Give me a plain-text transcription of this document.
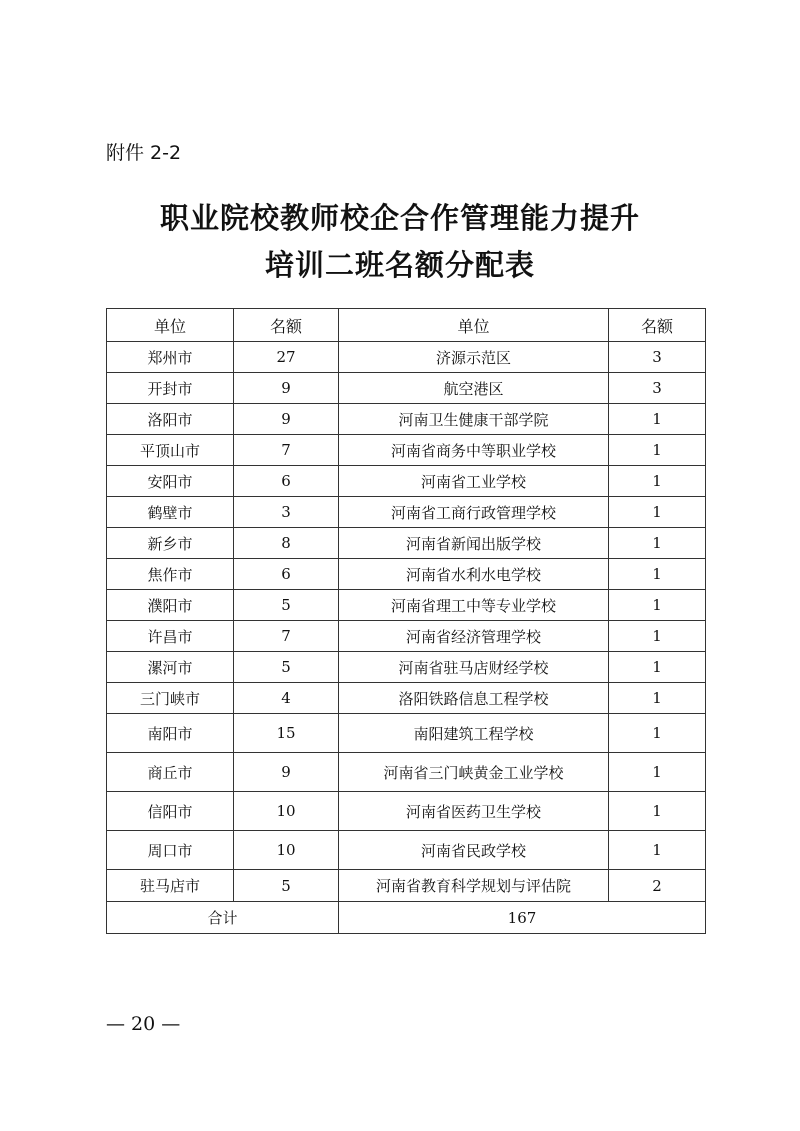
附件 2-2
职业院校教师校企合作管理能力提升
培训二班名额分配表
单位	名额	单位	名额
郑州市	27	济源示范区	3
开封市	9	航空港区	3
洛阳市	9	河南卫生健康干部学院	1
平顶山市	7	河南省商务中等职业学校	1
安阳市	6	河南省工业学校	1
鹤壁市	3	河南省工商行政管理学校	1
新乡市	8	河南省新闻出版学校	1
焦作市	6	河南省水利水电学校	1
濮阳市	5	河南省理工中等专业学校	1
许昌市	7	河南省经济管理学校	1
漯河市	5	河南省驻马店财经学校	1
三门峡市	4	洛阳铁路信息工程学校	1
南阳市	15	南阳建筑工程学校	1
商丘市	9	河南省三门峡黄金工业学校	1
信阳市	10	河南省医药卫生学校	1
周口市	10	河南省民政学校	1
驻马店市	5	河南省教育科学规划与评估院	2
合计		167	
— 20 —
